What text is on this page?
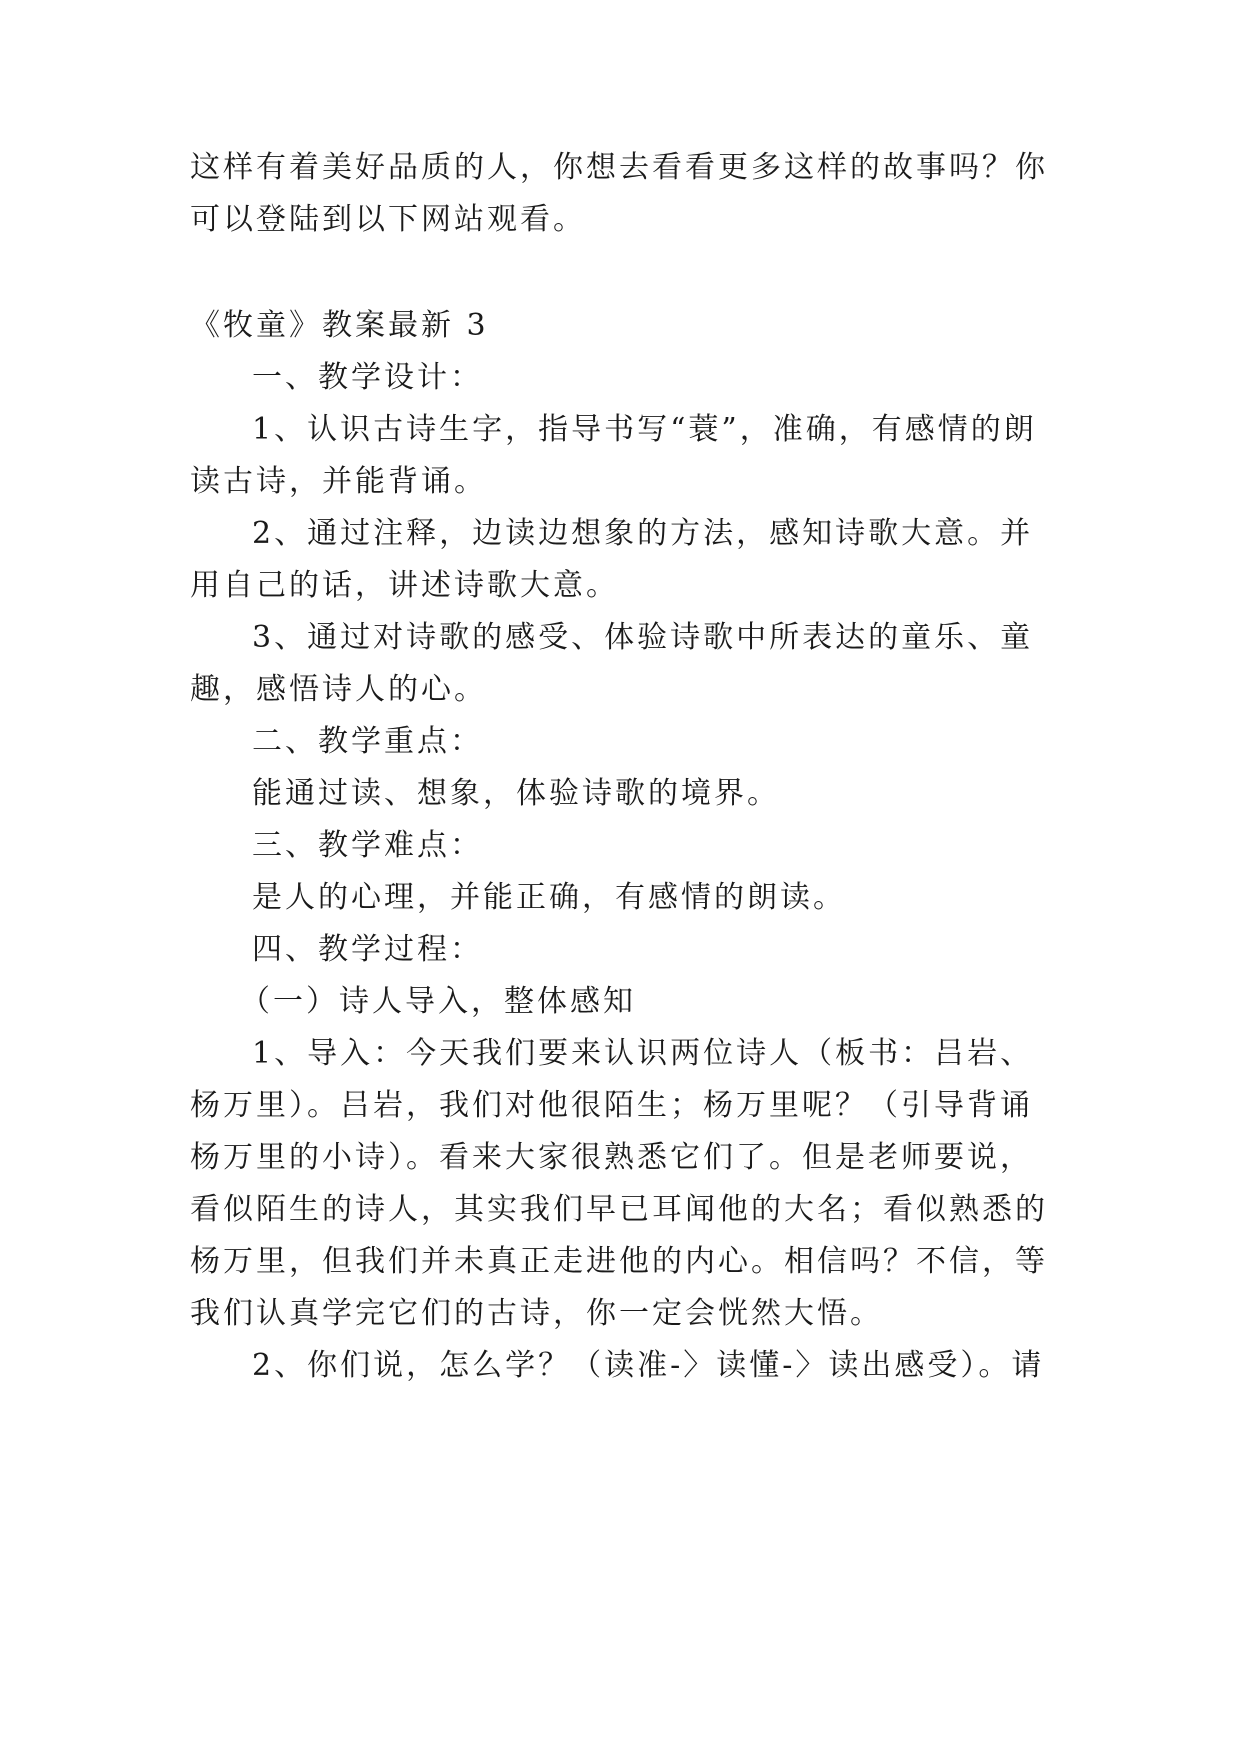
这样有着美好品质的人，你想去看看更多这样的故事吗？你
可以登陆到以下网站观看。
《牧童》教案最新 3
一、教学设计：
1、认识古诗生字，指导书写“蓑”，准确，有感情的朗
读古诗，并能背诵。
2、通过注释，边读边想象的方法，感知诗歌大意。并
用自己的话，讲述诗歌大意。
3、通过对诗歌的感受、体验诗歌中所表达的童乐、童
趣，感悟诗人的心。
二、教学重点：
能通过读、想象，体验诗歌的境界。
三、教学难点：
是人的心理，并能正确，有感情的朗读。
四、教学过程：
（一）诗人导入，整体感知
1、导入：今天我们要来认识两位诗人（板书：吕岩、
杨万里）。吕岩，我们对他很陌生；杨万里呢？（引导背诵
杨万里的小诗）。看来大家很熟悉它们了。但是老师要说，
看似陌生的诗人，其实我们早已耳闻他的大名；看似熟悉的
杨万里，但我们并未真正走进他的内心。相信吗？不信，等
我们认真学完它们的古诗，你一定会恍然大悟。
2、你们说，怎么学？（读准-〉读懂-〉读出感受）。请
